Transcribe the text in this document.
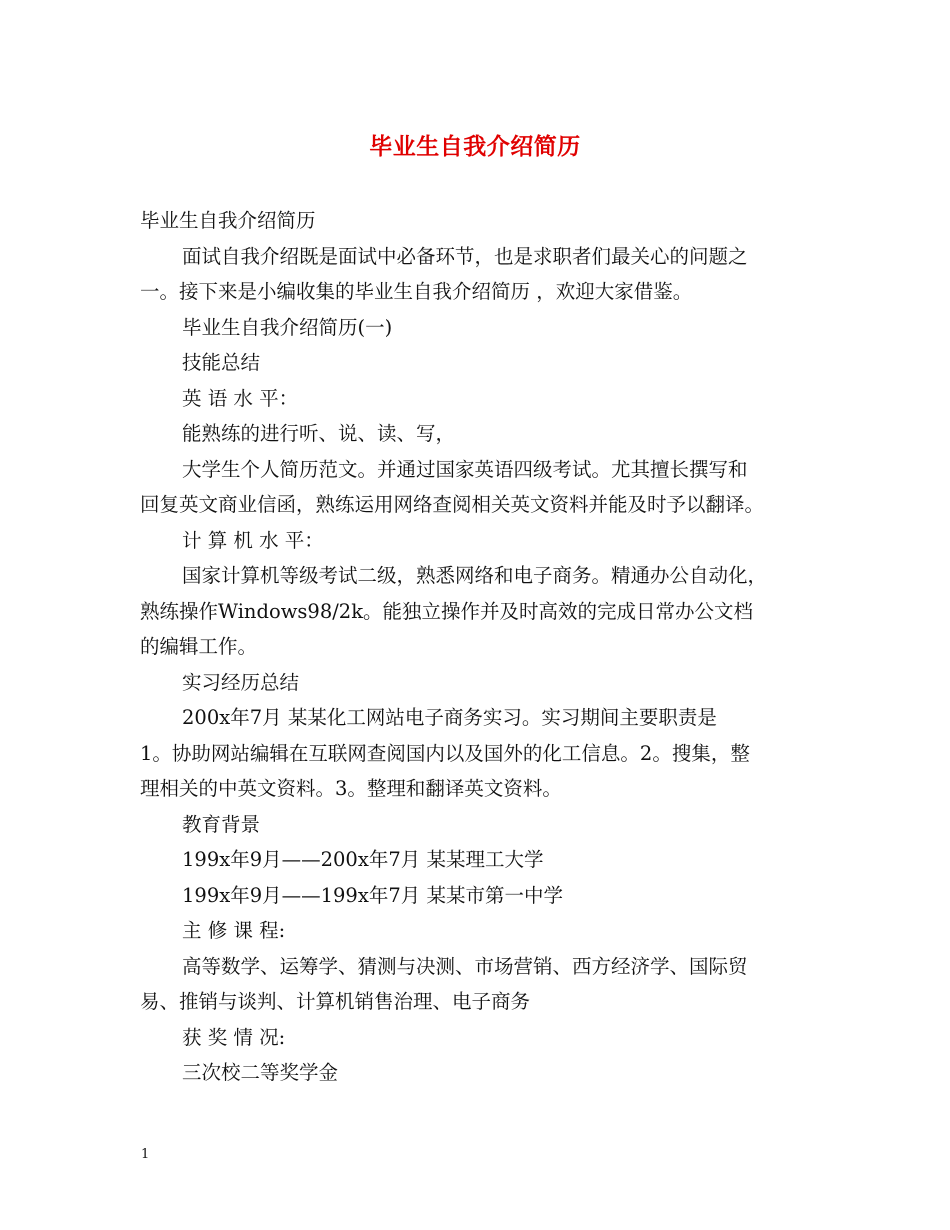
毕业生自我介绍简历
毕业生自我介绍简历
面试自我介绍既是面试中必备环节，也是求职者们最关心的问题之
一。接下来是小编收集的毕业生自我介绍简历 ，欢迎大家借鉴。
毕业生自我介绍简历(一)
技能总结
英 语 水 平：
能熟练的进行听、说、读、写，
大学生个人简历范文。并通过国家英语四级考试。尤其擅长撰写和
回复英文商业信函，熟练运用网络查阅相关英文资料并能及时予以翻译。
计 算 机 水 平：
国家计算机等级考试二级，熟悉网络和电子商务。精通办公自动化，
熟练操作Windows98/2k。能独立操作并及时高效的完成日常办公文档
的编辑工作。
实习经历总结
200x年7月 某某化工网站电子商务实习。实习期间主要职责是
1。协助网站编辑在互联网查阅国内以及国外的化工信息。2。搜集，整
理相关的中英文资料。3。整理和翻译英文资料。
教育背景
199x年9月——200x年7月 某某理工大学
199x年9月——199x年7月 某某市第一中学
主 修 课 程:
高等数学、运筹学、猜测与决测、市场营销、西方经济学、国际贸
易、推销与谈判、计算机销售治理、电子商务
获 奖 情 况:
三次校二等奖学金
1
